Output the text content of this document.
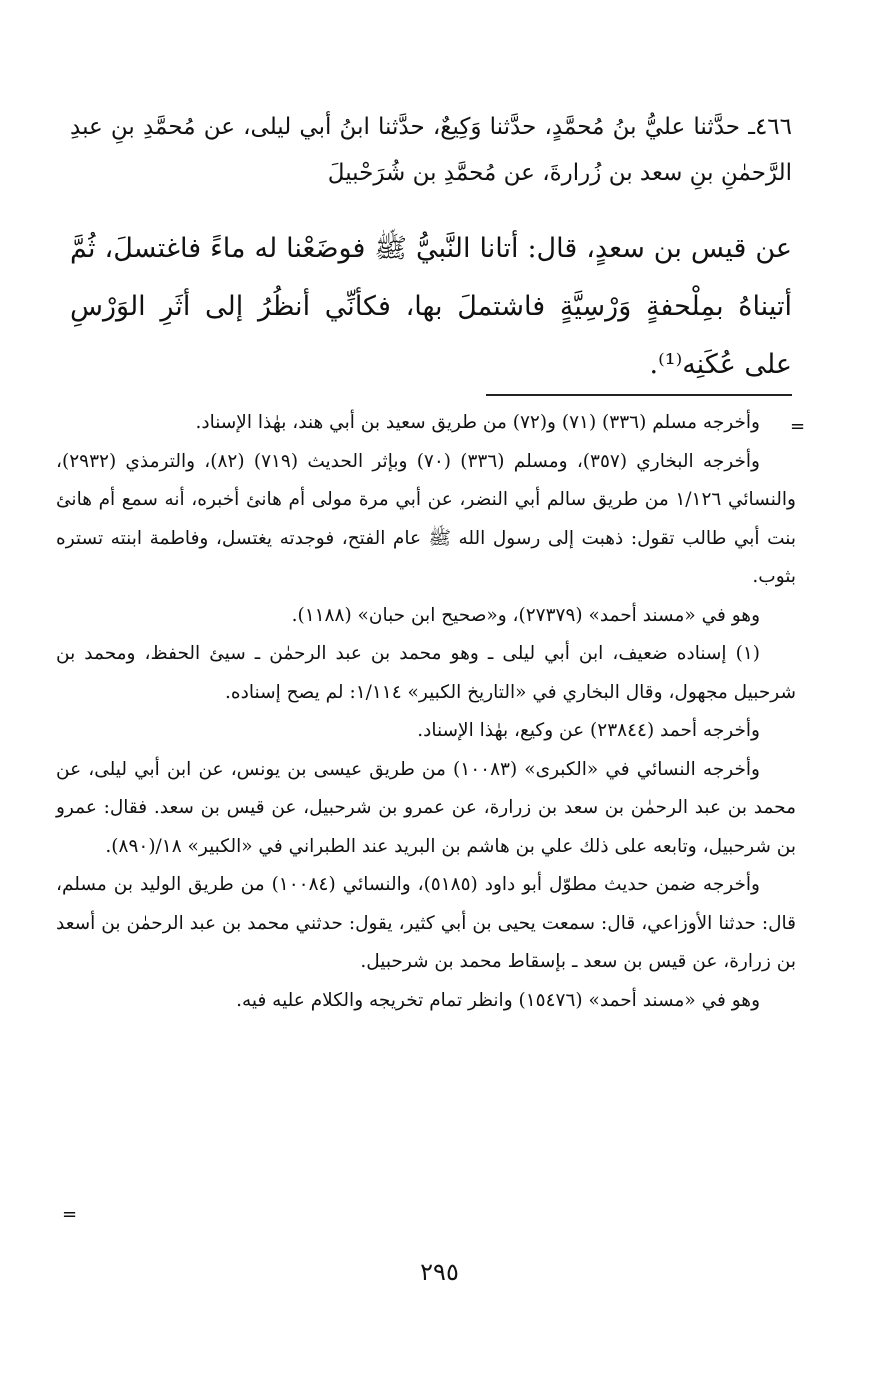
٤٦٦ـ حدَّثنا عليُّ بنُ مُحمَّدٍ، حدَّثنا وَكِيعٌ، حدَّثنا ابنُ أبي ليلى، عن مُحمَّدِ بنِ عبدِ الرَّحمٰنِ بنِ سعد بن زُرارةَ، عن مُحمَّدِ بن شُرَحْبيلَ

عن قيس بن سعدٍ، قال: أتانا النَّبيُّ ﷺ فوضَعْنا له ماءً فاغتسلَ، ثُمَّ أتيناهُ بمِلْحفةٍ وَرْسِيَّةٍ فاشتملَ بها، فكأنِّي أنظُرُ إلى أثَرِ الوَرْسِ على عُكَنِه⁽¹⁾.

=

وأخرجه مسلم (٣٣٦) (٧١) و(٧٢) من طريق سعيد بن أبي هند، بهٰذا الإسناد.

وأخرجه البخاري (٣٥٧)، ومسلم (٣٣٦) (٧٠) وبإثر الحديث (٧١٩) (٨٢)، والترمذي (٢٩٣٢)، والنسائي ١/١٢٦ من طريق سالم أبي النضر، عن أبي مرة مولى أم هانئ أخبره، أنه سمع أم هانئ بنت أبي طالب تقول: ذهبت إلى رسول الله ﷺ عام الفتح، فوجدته يغتسل، وفاطمة ابنته تستره بثوب.

وهو في «مسند أحمد» (٢٧٣٧٩)، و«صحيح ابن حبان» (١١٨٨).

(١) إسناده ضعيف، ابن أبي ليلى ـ وهو محمد بن عبد الرحمٰن ـ سيئ الحفظ، ومحمد بن شرحبيل مجهول، وقال البخاري في «التاريخ الكبير» ١/١١٤: لم يصح إسناده.

وأخرجه أحمد (٢٣٨٤٤) عن وكيع، بهٰذا الإسناد.

وأخرجه النسائي في «الكبرى» (١٠٠٨٣) من طريق عيسى بن يونس، عن ابن أبي ليلى، عن محمد بن عبد الرحمٰن بن سعد بن زرارة، عن عمرو بن شرحبيل، عن قيس بن سعد. فقال: عمرو بن شرحبيل، وتابعه على ذلك علي بن هاشم بن البريد عند الطبراني في «الكبير» ١٨/(٨٩٠).

وأخرجه ضمن حديث مطوّل أبو داود (٥١٨٥)، والنسائي (١٠٠٨٤) من طريق الوليد بن مسلم، قال: حدثنا الأوزاعي، قال: سمعت يحيى بن أبي كثير، يقول: حدثني محمد بن عبد الرحمٰن بن أسعد بن زرارة، عن قيس بن سعد ـ بإسقاط محمد بن شرحبيل.

وهو في «مسند أحمد» (١٥٤٧٦) وانظر تمام تخريجه والكلام عليه فيه.

=
٢٩٥
